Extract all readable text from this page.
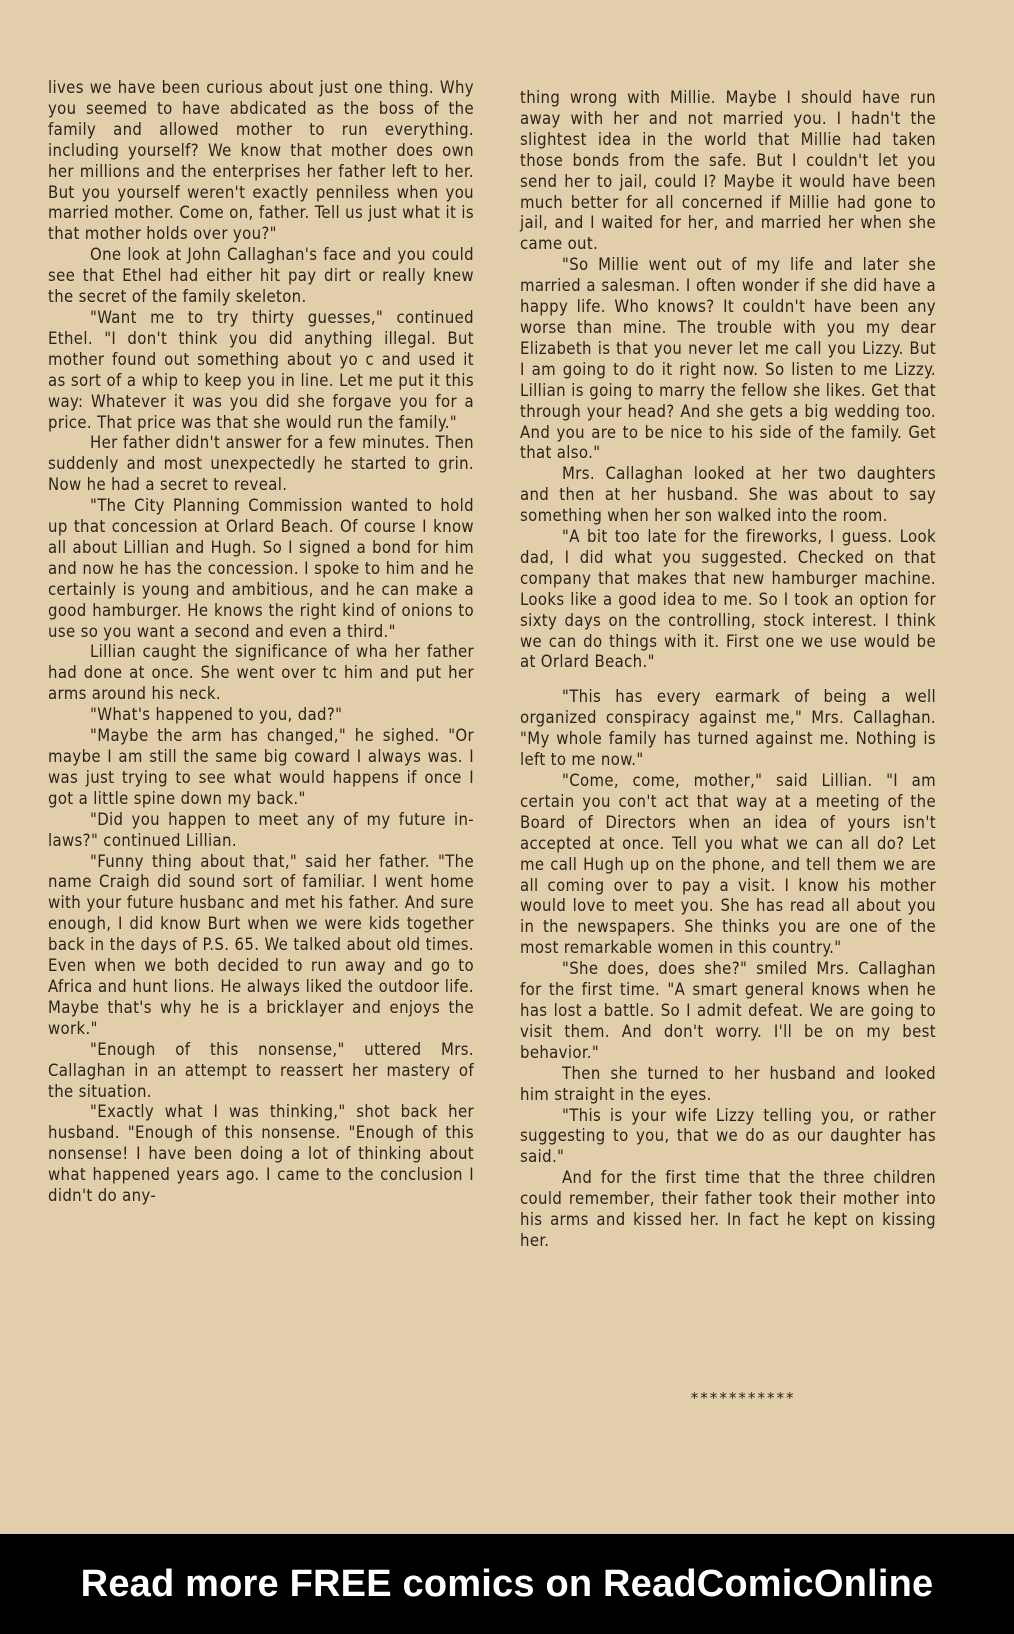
lives we have been curious about just one thing. Why you seemed to have abdicated as the boss of the family and allowed mother to run everything. including yourself? We know that mother does own her millions and the enterprises her father left to her. But you yourself weren't exactly penniless when you married mother. Come on, father. Tell us just what it is that mother holds over you?"

One look at John Callaghan's face and you could see that Ethel had either hit pay dirt or really knew the secret of the family skeleton.

"Want me to try thirty guesses," continued Ethel. "I don't think you did anything illegal. But mother found out something about yo c and used it as sort of a whip to keep you in line. Let me put it this way: Whatever it was you did she forgave you for a price. That price was that she would run the family."

Her father didn't answer for a few minutes. Then suddenly and most unexpectedly he started to grin. Now he had a secret to reveal.

"The City Planning Commission wanted to hold up that concession at Orlard Beach. Of course I know all about Lillian and Hugh. So I signed a bond for him and now he has the concession. I spoke to him and he certainly is young and ambitious, and he can make a good hamburger. He knows the right kind of onions to use so you want a second and even a third."

Lillian caught the significance of wha her father had done at once. She went over tc him and put her arms around his neck.

"What's happened to you, dad?"

"Maybe the arm has changed," he sighed. "Or maybe I am still the same big coward I always was. I was just trying to see what would happens if once I got a little spine down my back."

"Did you happen to meet any of my future in-laws?" continued Lillian.

"Funny thing about that," said her father. "The name Craigh did sound sort of familiar. I went home with your future husbanc and met his father. And sure enough, I did know Burt when we were kids together back in the days of P.S. 65. We talked about old times. Even when we both decided to run away and go to Africa and hunt lions. He always liked the outdoor life. Maybe that's why he is a bricklayer and enjoys the work."

"Enough of this nonsense," uttered Mrs. Callaghan in an attempt to reassert her mastery of the situation.

"Exactly what I was thinking," shot back her husband. "Enough of this nonsense. "Enough of this nonsense! I have been doing a lot of thinking about what happened years ago. I came to the conclusion I didn't do any-

thing wrong with Millie. Maybe I should have run away with her and not married you. I hadn't the slightest idea in the world that Millie had taken those bonds from the safe. But I couldn't let you send her to jail, could I? Maybe it would have been much better for all concerned if Millie had gone to jail, and I waited for her, and married her when she came out.

"So Millie went out of my life and later she married a salesman. I often wonder if she did have a happy life. Who knows? It couldn't have been any worse than mine. The trouble with you my dear Elizabeth is that you never let me call you Lizzy. But I am going to do it right now. So listen to me Lizzy. Lillian is going to marry the fellow she likes. Get that through your head? And she gets a big wedding too. And you are to be nice to his side of the family. Get that also."

Mrs. Callaghan looked at her two daughters and then at her husband. She was about to say something when her son walked into the room.

"A bit too late for the fireworks, I guess. Look dad, I did what you suggested. Checked on that company that makes that new hamburger machine. Looks like a good idea to me. So I took an option for sixty days on the controlling, stock interest. I think we can do things with it. First one we use would be at Orlard Beach."

"This has every earmark of being a well organized conspiracy against me," Mrs. Callaghan. "My whole family has turned against me. Nothing is left to me now."

"Come, come, mother," said Lillian. "I am certain you con't act that way at a meeting of the Board of Directors when an idea of yours isn't accepted at once. Tell you what we can all do? Let me call Hugh up on the phone, and tell them we are all coming over to pay a visit. I know his mother would love to meet you. She has read all about you in the newspapers. She thinks you are one of the most remarkable women in this country."

"She does, does she?" smiled Mrs. Callaghan for the first time. "A smart general knows when he has lost a battle. So I admit defeat. We are going to visit them. And don't worry. I'll be on my best behavior."

Then she turned to her husband and looked him straight in the eyes.

"This is your wife Lizzy telling you, or rather suggesting to you, that we do as our daughter has said."

And for the first time that the three children could remember, their father took their mother into his arms and kissed her. In fact he kept on kissing her.

***********
Read more FREE comics on ReadComicOnline
